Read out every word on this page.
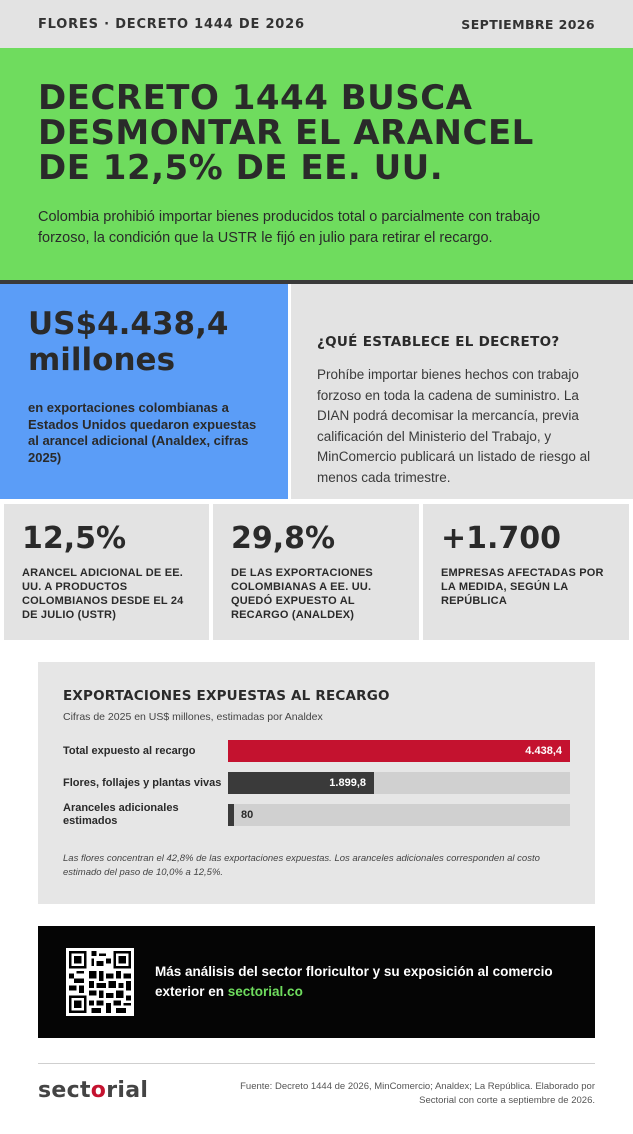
FLORES · DECRETO 1444 DE 2026	SEPTIEMBRE 2026
DECRETO 1444 BUSCA DESMONTAR EL ARANCEL DE 12,5% DE EE. UU.

Colombia prohibió importar bienes producidos total o parcialmente con trabajo forzoso, la condición que la USTR le fijó en julio para retirar el recargo.

US$4.438,4 millones
en exportaciones colombianas a Estados Unidos quedaron expuestas al arancel adicional (Analdex, cifras 2025)
¿QUÉ ESTABLECE EL DECRETO?

Prohíbe importar bienes hechos con trabajo forzoso en toda la cadena de suministro. La DIAN podrá decomisar la mercancía, previa calificación del Ministerio del Trabajo, y MinComercio publicará un listado de riesgo al menos cada trimestre.

12,5%
ARANCEL ADICIONAL DE EE. UU. A PRODUCTOS COLOMBIANOS DESDE EL 24 DE JULIO (USTR)
29,8%
DE LAS EXPORTACIONES COLOMBIANAS A EE. UU. QUEDÓ EXPUESTO AL RECARGO (ANALDEX)
+1.700
EMPRESAS AFECTADAS POR LA MEDIDA, SEGÚN LA REPÚBLICA
EXPORTACIONES EXPUESTAS AL RECARGO
Cifras de 2025 en US$ millones, estimadas por Analdex
Total expuesto al recargo	4.438,4
Flores, follajes y plantas vivas	1.899,8
Aranceles adicionales estimados	80
Las flores concentran el 42,8% de las exportaciones expuestas. Los aranceles adicionales corresponden al costo estimado del paso de 10,0% a 12,5%.
Más análisis del sector floricultor y su exposición al comercio exterior en sectorial.co
sectorial	Fuente: Decreto 1444 de 2026, MinComercio; Analdex; La República. Elaborado por Sectorial con corte a septiembre de 2026.
